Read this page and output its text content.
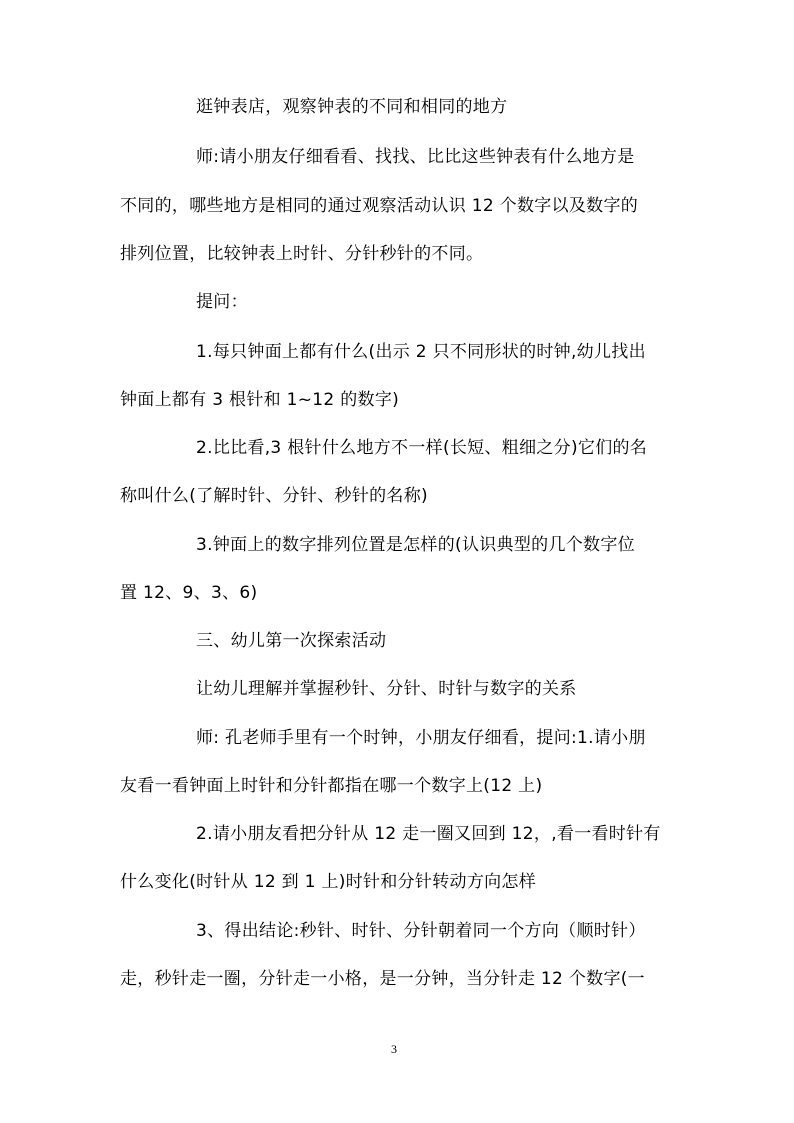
逛钟表店，观察钟表的不同和相同的地方
师:请小朋友仔细看看、找找、比比这些钟表有什么地方是
不同的，哪些地方是相同的通过观察活动认识 12 个数字以及数字的
排列位置，比较钟表上时针、分针秒针的不同。
提问：
1.每只钟面上都有什么(出示 2 只不同形状的时钟,幼儿找出
钟面上都有 3 根针和 1~12 的数字)
2.比比看,3 根针什么地方不一样(长短、粗细之分)它们的名
称叫什么(了解时针、分针、秒针的名称)
3.钟面上的数字排列位置是怎样的(认识典型的几个数字位
置 12、9、3、6)
三、幼儿第一次探索活动
让幼儿理解并掌握秒针、分针、时针与数字的关系
师: 孔老师手里有一个时钟，小朋友仔细看，提问:1.请小朋
友看一看钟面上时针和分针都指在哪一个数字上(12 上)
2.请小朋友看把分针从 12 走一圈又回到 12，,看一看时针有
什么变化(时针从 12 到 1 上)时针和分针转动方向怎样
3、得出结论:秒针、时针、分针朝着同一个方向（顺时针）
走，秒针走一圈，分针走一小格，是一分钟，当分针走 12 个数字(一
3
